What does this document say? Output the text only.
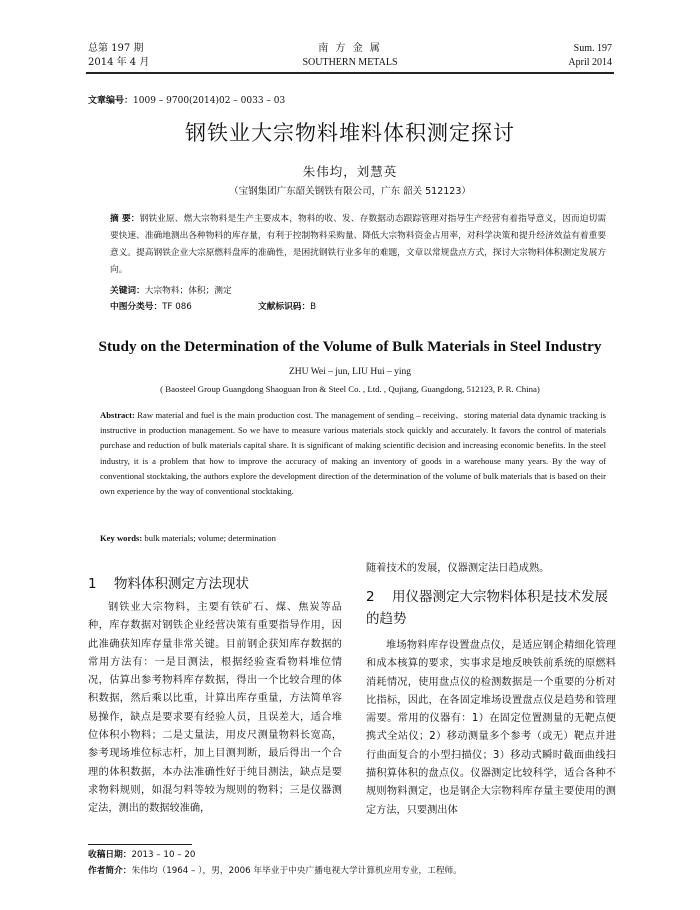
总第 197 期
2014 年 4 月
南 方 金 属
SOUTHERN METALS
Sum. 197
April 2014
文章编号：1009 – 9700(2014)02 – 0033 – 03
钢铁业大宗物料堆料体积测定探讨
朱伟均，刘慧英
（宝钢集团广东韶关钢铁有限公司，广东 韶关 512123）
摘 要：钢铁业原、燃大宗物料是生产主要成本，物料的收、发、存数据动态跟踪管理对指导生产经营有着指导意义，因而迫切需要快速、准确地测出各种物料的库存量，有利于控制物料采购量、降低大宗物料资金占用率，对科学决策和提升经济效益有着重要意义。提高钢铁企业大宗原燃料盘库的准确性，是困扰钢铁行业多年的难题，文章以常规盘点方式，探讨大宗物料体积测定发展方向。
关键词：大宗物料；体积；测定
中图分类号：TF 086	文献标识码：B
Study on the Determination of the Volume of Bulk Materials in Steel Industry
ZHU Wei – jun, LIU Hui – ying
( Baosteel Group Guangdong Shaoguan Iron & Steel Co. , Ltd. , Qujiang, Guangdong, 512123, P. R. China)
Abstract: Raw material and fuel is the main production cost. The management of sending – receiving、storing material data dynamic tracking is instructive in production management. So we have to measure various materials stock quickly and accurately. It favors the control of materials purchase and reduction of bulk materials capital share. It is significant of making scientific decision and increasing economic benefits. In the steel industry, it is a problem that how to improve the accuracy of making an inventory of goods in a warehouse many years. By the way of conventional stocktaking, the authors explore the development direction of the determination of the volume of bulk materials that is based on their own experience by the way of conventional stocktaking.
Key words: bulk materials; volume; determination
1 物料体积测定方法现状
钢铁业大宗物料，主要有铁矿石、煤、焦炭等品种，库存数据对钢铁企业经营决策有重要指导作用，因此准确获知库存量非常关键。目前钢企获知库存数据的常用方法有：一是目测法，根据经验查看物料堆位情况，估算出参考物料库存数据，得出一个比较合理的体积数据，然后乘以比重，计算出库存重量，方法简单容易操作，缺点是要求要有经验人员，且误差大，适合堆位体积小物料；二是丈量法，用皮尺测量物料长宽高，参考现场堆位标志杆，加上目测判断，最后得出一个合理的体积数据，本办法准确性好于纯目测法，缺点是要求物料规则，如混匀料等较为规则的物料；三是仪器测定法，测出的数据较准确，
随着技术的发展，仪器测定法日趋成熟。
2 用仪器测定大宗物料体积是技术发展的趋势
堆场物料库存设置盘点仪，是适应钢企精细化管理和成本核算的要求，实事求是地反映铁前系统的原燃料消耗情况，使用盘点仪的检测数据是一个重要的分析对比指标，因此，在各固定堆场设置盘点仪是趋势和管理需要。常用的仪器有：1）在固定位置测量的无靶点便携式全站仪；2）移动测量多个参考（或无）靶点并进行曲面复合的小型扫描仪；3）移动式瞬时截面曲线扫描积算体积的盘点仪。仪器测定比较科学，适合各种不规则物料测定，也是钢企大宗物料库存量主要使用的测定方法，只要测出体
收稿日期：2013 – 10 – 20
作者简介：朱伟均（1964 – ），男，2006 年毕业于中央广播电视大学计算机应用专业，工程师。
